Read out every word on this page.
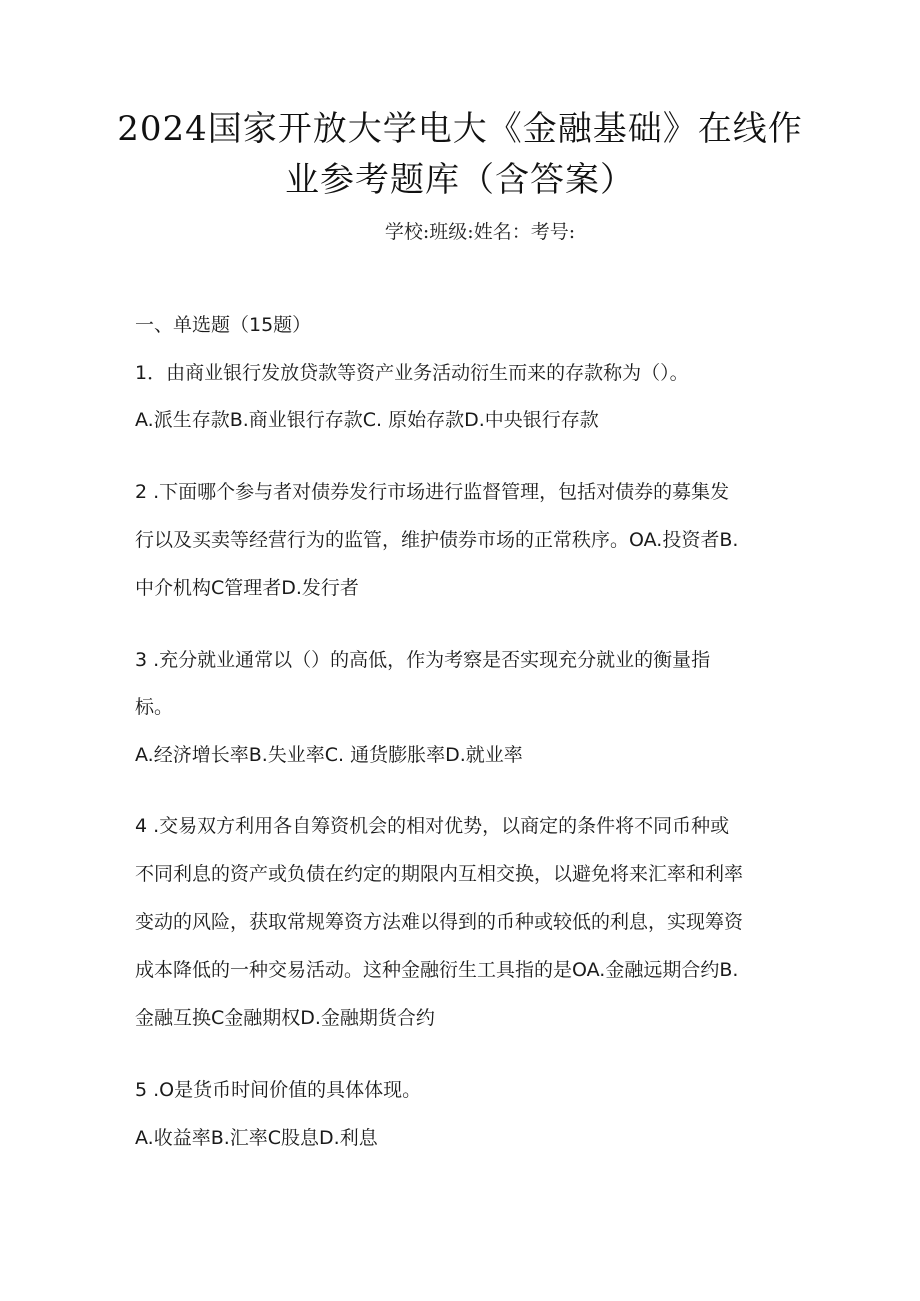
2024国家开放大学电大《金融基础》在线作
业参考题库（含答案）
学校:班级:姓名：考号:
一、单选题（15题）
1．由商业银行发放贷款等资产业务活动衍生而来的存款称为（）。
A.派生存款B.商业银行存款C. 原始存款D.中央银行存款
2 .下面哪个参与者对债券发行市场进行监督管理，包括对债券的募集发
行以及买卖等经营行为的监管，维护债券市场的正常秩序。OA.投资者B.
中介机构C管理者D.发行者
3 .充分就业通常以（）的高低，作为考察是否实现充分就业的衡量指
标。
A.经济增长率B.失业率C. 通货膨胀率D.就业率
4 .交易双方利用各自筹资机会的相对优势，以商定的条件将不同币种或
不同利息的资产或负债在约定的期限内互相交换，以避免将来汇率和利率
变动的风险，获取常规筹资方法难以得到的币种或较低的利息，实现筹资
成本降低的一种交易活动。这种金融衍生工具指的是OA.金融远期合约B.
金融互换C金融期权D.金融期货合约
5 .O是货币时间价值的具体体现。
A.收益率B.汇率C股息D.利息
